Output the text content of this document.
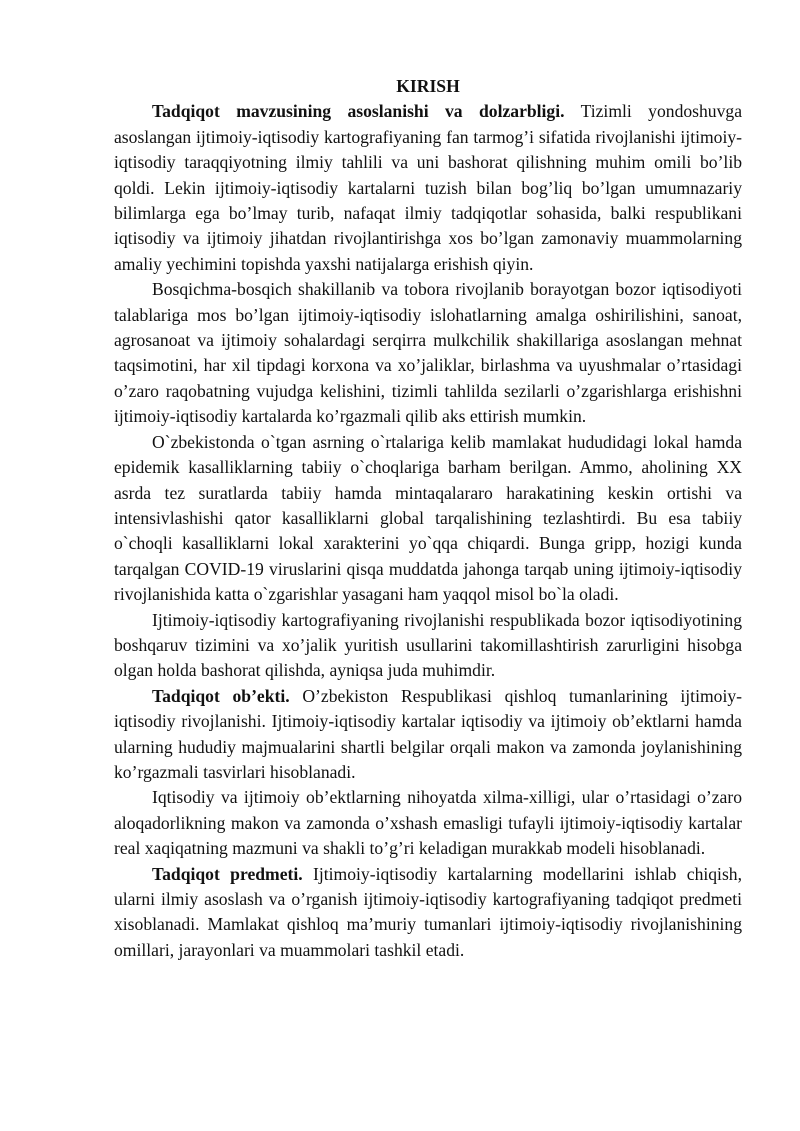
KIRISH

Tadqiqot mavzusining asoslanishi va dolzarbligi. Tizimli yondoshuvga asoslangan ijtimoiy-iqtisodiy kartografiyaning fan tarmog’i sifatida rivojlanishi ijtimoiy-iqtisodiy taraqqiyotning ilmiy tahlili va uni bashorat qilishning muhim omili bo’lib qoldi. Lekin ijtimoiy-iqtisodiy kartalarni tuzish bilan bog’liq bo’lgan umumnazariy bilimlarga ega bo’lmay turib, nafaqat ilmiy tadqiqotlar sohasida, balki respublikani iqtisodiy va ijtimoiy jihatdan rivojlantirishga xos bo’lgan zamonaviy muammolarning amaliy yechimini topishda yaxshi natijalarga erishish qiyin.

Bosqichma-bosqich shakillanib va tobora rivojlanib borayotgan bozor iqtisodiyoti talablariga mos bo’lgan ijtimoiy-iqtisodiy islohatlarning amalga oshirilishini, sanoat, agrosanoat va ijtimoiy sohalardagi serqirra mulkchilik shakillariga asoslangan mehnat taqsimotini, har xil tipdagi korxona va xo’jaliklar, birlashma va uyushmalar o’rtasidagi o’zaro raqobatning vujudga kelishini, tizimli tahlilda sezilarli o’zgarishlarga erishishni ijtimoiy-iqtisodiy kartalarda ko’rgazmali qilib aks ettirish mumkin.

O`zbekistonda o`tgan asrning o`rtalariga kelib mamlakat hududidagi lokal hamda epidemik kasalliklarning tabiiy o`choqlariga barham berilgan. Ammo, aholining XX asrda tez suratlarda tabiiy hamda mintaqalararo harakatining keskin ortishi va intensivlashishi qator kasalliklarni global tarqalishining tezlashtirdi. Bu esa tabiiy o`choqli kasalliklarni lokal xarakterini yo`qqa chiqardi. Bunga gripp, hozigi kunda tarqalgan COVID-19 viruslarini qisqa muddatda jahonga tarqab uning ijtimoiy-iqtisodiy rivojlanishida katta o`zgarishlar yasagani ham yaqqol misol bo`la oladi.

Ijtimoiy-iqtisodiy kartografiyaning rivojlanishi respublikada bozor iqtisodiyotining boshqaruv tizimini va xo’jalik yuritish usullarini takomillashtirish zarurligini hisobga olgan holda bashorat qilishda, ayniqsa juda muhimdir.

Tadqiqot ob’ekti. O’zbekiston Respublikasi qishloq tumanlarining ijtimoiy-iqtisodiy rivojlanishi. Ijtimoiy-iqtisodiy kartalar iqtisodiy va ijtimoiy ob’ektlarni hamda ularning hududiy majmualarini shartli belgilar orqali makon va zamonda joylanishining ko’rgazmali tasvirlari hisoblanadi.

Iqtisodiy va ijtimoiy ob’ektlarning nihoyatda xilma-xilligi, ular o’rtasidagi o’zaro aloqadorlikning makon va zamonda o’xshash emasligi tufayli ijtimoiy-iqtisodiy kartalar real xaqiqatning mazmuni va shakli to’g’ri keladigan murakkab modeli hisoblanadi.

Tadqiqot predmeti. Ijtimoiy-iqtisodiy kartalarning modellarini ishlab chiqish, ularni ilmiy asoslash va o’rganish ijtimoiy-iqtisodiy kartografiyaning tadqiqot predmeti xisoblanadi. Mamlakat qishloq ma’muriy tumanlari ijtimoiy-iqtisodiy rivojlanishining omillari, jarayonlari va muammolari tashkil etadi.
